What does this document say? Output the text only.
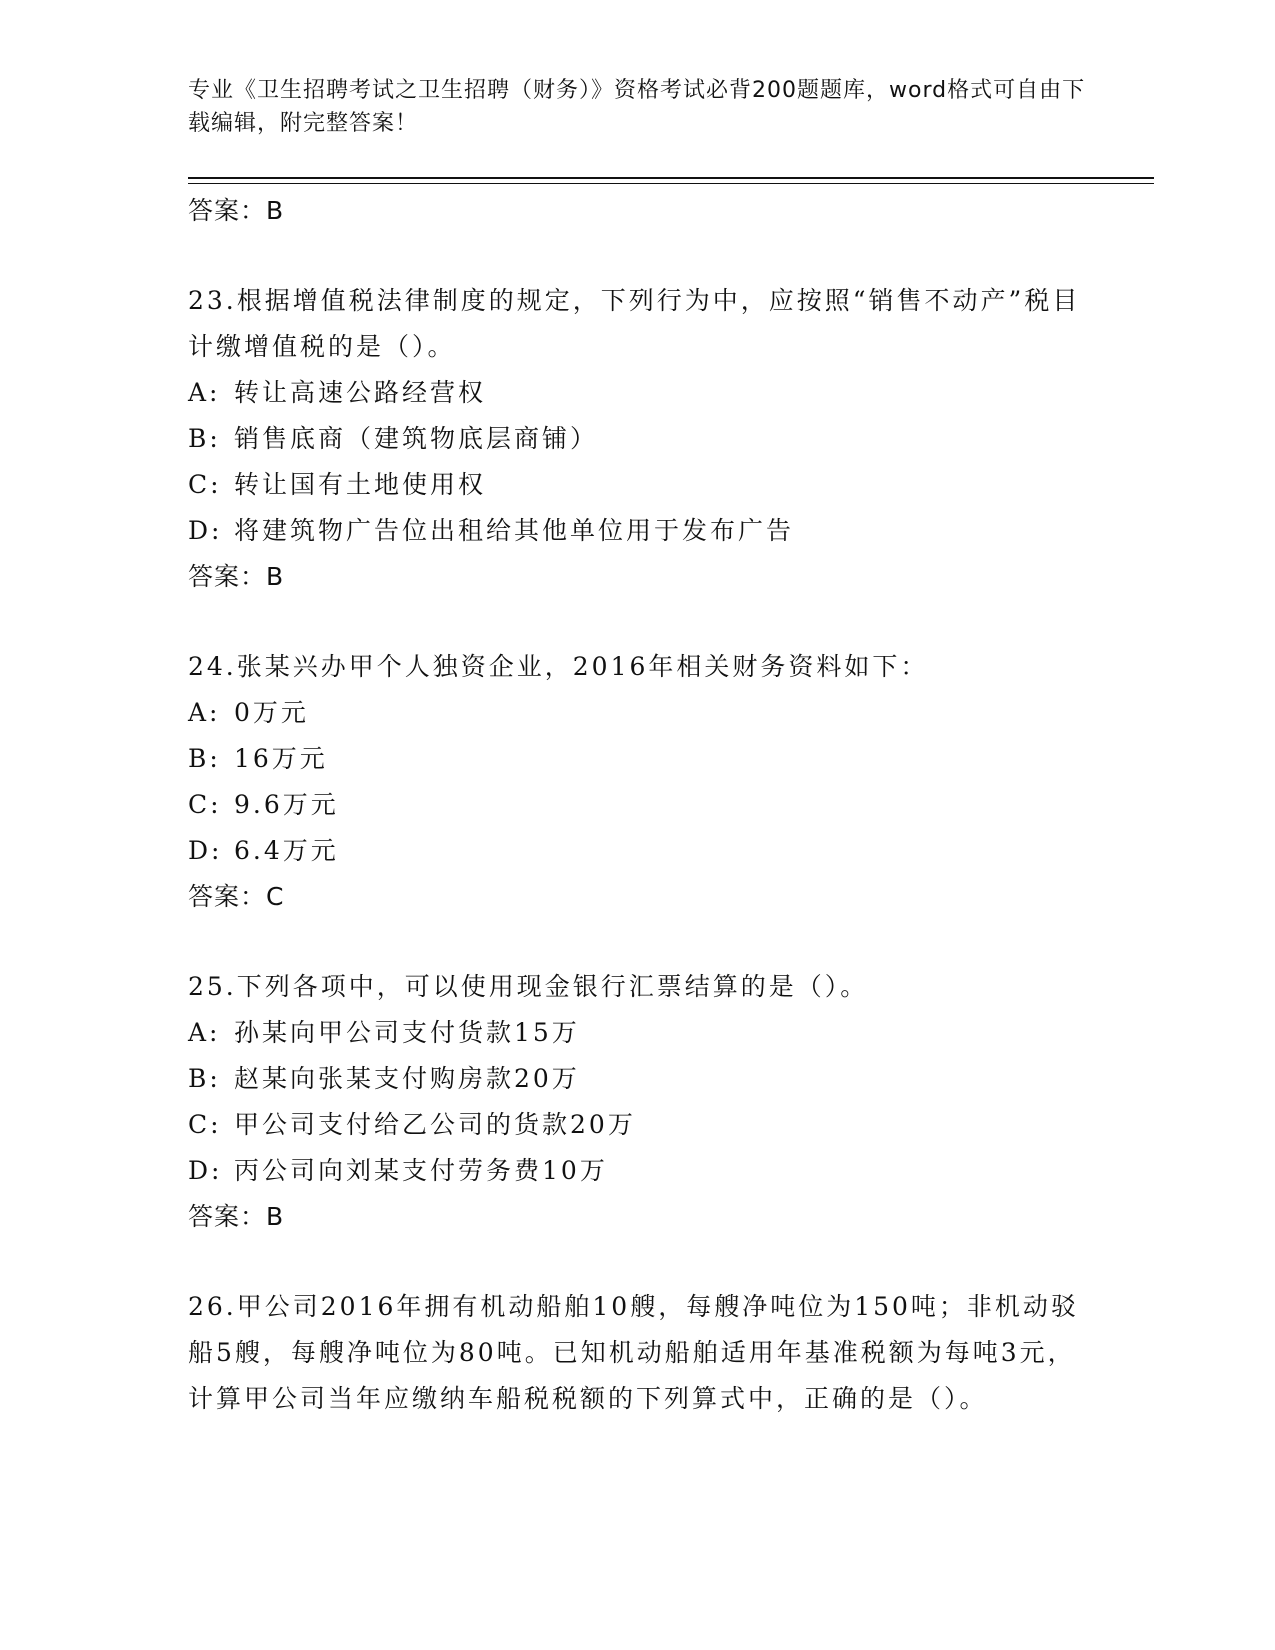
专业《卫生招聘考试之卫生招聘（财务）》资格考试必背200题题库，word格式可自由下载编辑，附完整答案！
答案：B
23.根据增值税法律制度的规定，下列行为中，应按照“销售不动产”税目计缴增值税的是（）。
A: 转让高速公路经营权
B: 销售底商（建筑物底层商铺）
C: 转让国有土地使用权
D: 将建筑物广告位出租给其他单位用于发布广告
答案：B
24.张某兴办甲个人独资企业，2016年相关财务资料如下：
A: 0万元
B: 16万元
C: 9.6万元
D: 6.4万元
答案：C
25.下列各项中，可以使用现金银行汇票结算的是（）。
A: 孙某向甲公司支付货款15万
B: 赵某向张某支付购房款20万
C: 甲公司支付给乙公司的货款20万
D: 丙公司向刘某支付劳务费10万
答案：B
26.甲公司2016年拥有机动船舶10艘，每艘净吨位为150吨；非机动驳船5艘，每艘净吨位为80吨。已知机动船舶适用年基准税额为每吨3元，计算甲公司当年应缴纳车船税税额的下列算式中，正确的是（）。
